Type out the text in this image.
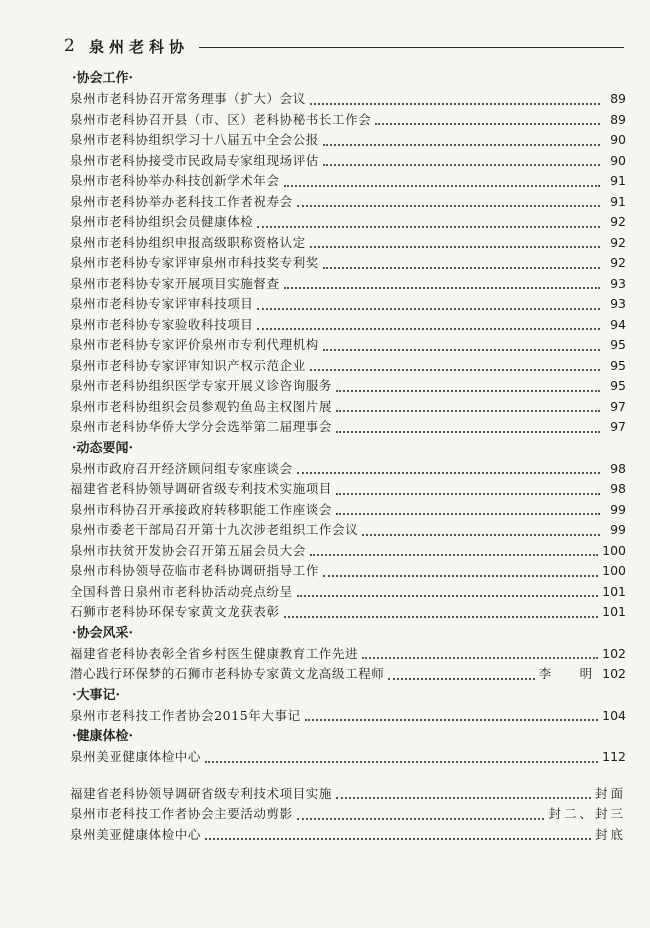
2 泉州老科协
·协会工作·
泉州市老科协召开常务理事（扩大）会议	89
泉州市老科协召开县（市、区）老科协秘书长工作会	89
泉州市老科协组织学习十八届五中全会公报	90
泉州市老科协接受市民政局专家组现场评估	90
泉州市老科协举办科技创新学术年会	91
泉州市老科协举办老科技工作者祝寿会	91
泉州市老科协组织会员健康体检	92
泉州市老科协组织申报高级职称资格认定	92
泉州市老科协专家评审泉州市科技奖专利奖	92
泉州市老科协专家开展项目实施督查	93
泉州市老科协专家评审科技项目	93
泉州市老科协专家验收科技项目	94
泉州市老科协专家评价泉州市专利代理机构	95
泉州市老科协专家评审知识产权示范企业	95
泉州市老科协组织医学专家开展义诊咨询服务	95
泉州市老科协组织会员参观钓鱼岛主权图片展	97
泉州市老科协华侨大学分会选举第二届理事会	97
·动态要闻·
泉州市政府召开经济顾问组专家座谈会	98
福建省老科协领导调研省级专利技术实施项目	98
泉州市科协召开承接政府转移职能工作座谈会	99
泉州市委老干部局召开第十九次涉老组织工作会议	99
泉州市扶贫开发协会召开第五届会员大会	100
泉州市科协领导莅临市老科协调研指导工作	100
全国科普日泉州市老科协活动亮点纷呈	101
石狮市老科协环保专家黄文龙获表彰	101
·协会风采·
福建省老科协表彰全省乡村医生健康教育工作先进	102
潜心践行环保梦的石狮市老科协专家黄文龙高级工程师	李　明 102
·大事记·
泉州市老科技工作者协会2015年大事记	104
·健康体检·
泉州美亚健康体检中心	112
福建省老科协领导调研省级专利技术项目实施	封面
泉州市老科技工作者协会主要活动剪影	封二、封三
泉州美亚健康体检中心	封底
